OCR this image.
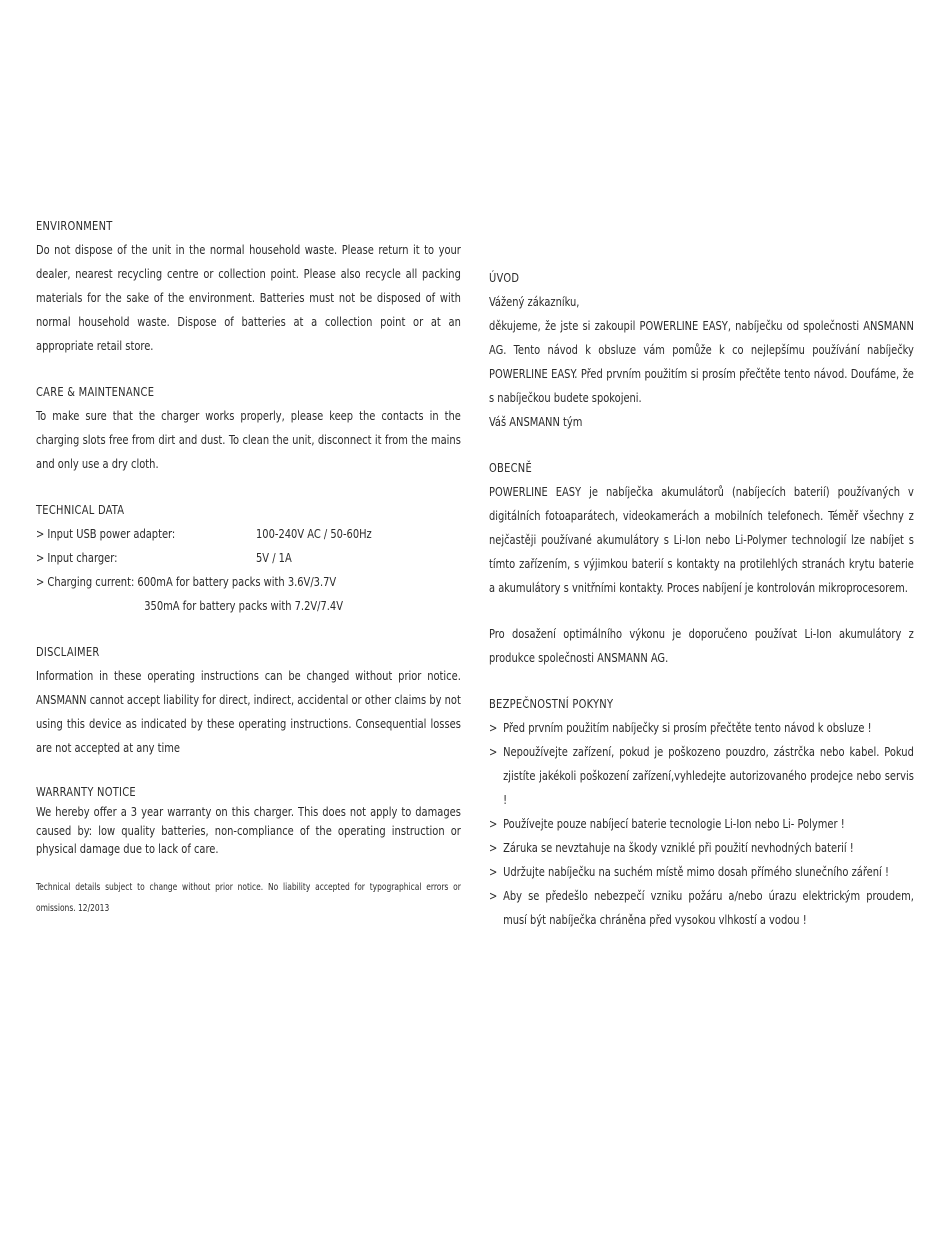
ENVIRONMENT

Do not dispose of the unit in the normal household waste. Please return it to your dealer, nearest recycling centre or collection point. Please also recycle all packing materials for the sake of the environment. Batteries must not be disposed of with normal household waste. Dispose of batteries at a collection point or at an appropriate retail store.

CARE & MAINTENANCE

To make sure that the charger works properly, please keep the contacts in the charging slots free from dirt and dust. To clean the unit, disconnect it from the mains and only use a dry cloth.

TECHNICAL DATA
> Input USB power adapter:	100-240V AC / 50-60Hz
> Input charger:	5V / 1A
> Charging current: 600mA for battery packs with 3.6V/3.7V
350mA for battery packs with 7.2V/7.4V
DISCLAIMER

Information in these operating instructions can be changed without prior notice. ANSMANN cannot accept liability for direct, indirect, accidental or other claims by not using this device as indicated by these operating instructions. Consequential losses are not accepted at any time

WARRANTY NOTICE

We hereby offer a 3 year warranty on this charger. This does not apply to damages caused by: low quality batteries, non-compliance of the operating instruction or physical damage due to lack of care.

Technical details subject to change without prior notice. No liability accepted for typographical errors or omissions. 12/2013

ÚVOD
Vážený zákazníku,

děkujeme, že jste si zakoupil POWERLINE EASY, nabíječku od společnosti ANSMANN AG. Tento návod k obsluze vám pomůže k co nejlepšímu používání nabíječky POWERLINE EASY. Před prvním použitím si prosím přečtěte tento návod. Doufáme, že s nabíječkou budete spokojeni.

Váš ANSMANN tým
OBECNĚ

POWERLINE EASY je nabíječka akumulátorů (nabíjecích baterií) používaných v digitálních fotoaparátech, videokamerách a mobilních telefonech. Téměř všechny z nejčastěji používané akumulátory s Li-Ion nebo Li-Polymer technologií lze nabíjet s tímto zařízením, s výjimkou baterií s kontakty na protilehlých stranách krytu baterie a akumulátory s vnitřními kontakty. Proces nabíjení je kontrolován mikroprocesorem.

Pro dosažení optimálního výkonu je doporučeno používat Li-Ion akumulátory z produkce společnosti ANSMANN AG.

BEZPEČNOSTNÍ POKYNY
> Před prvním použitím nabíječky si prosím přečtěte tento návod k obsluze !
> Nepoužívejte zařízení, pokud je poškozeno pouzdro, zástrčka nebo kabel. Pokud zjistíte jakékoli poškození zařízení,vyhledejte autorizovaného prodejce nebo servis !
> Používejte pouze nabíjecí baterie tecnologie Li-Ion nebo Li- Polymer !
> Záruka se nevztahuje na škody vzniklé při použití nevhodných baterií !
> Udržujte nabíječku na suchém místě mimo dosah přímého slunečního záření !
> Aby se předešlo nebezpečí vzniku požáru a/nebo úrazu elektrickým proudem, musí být nabíječka chráněna před vysokou vlhkostí a vodou !
